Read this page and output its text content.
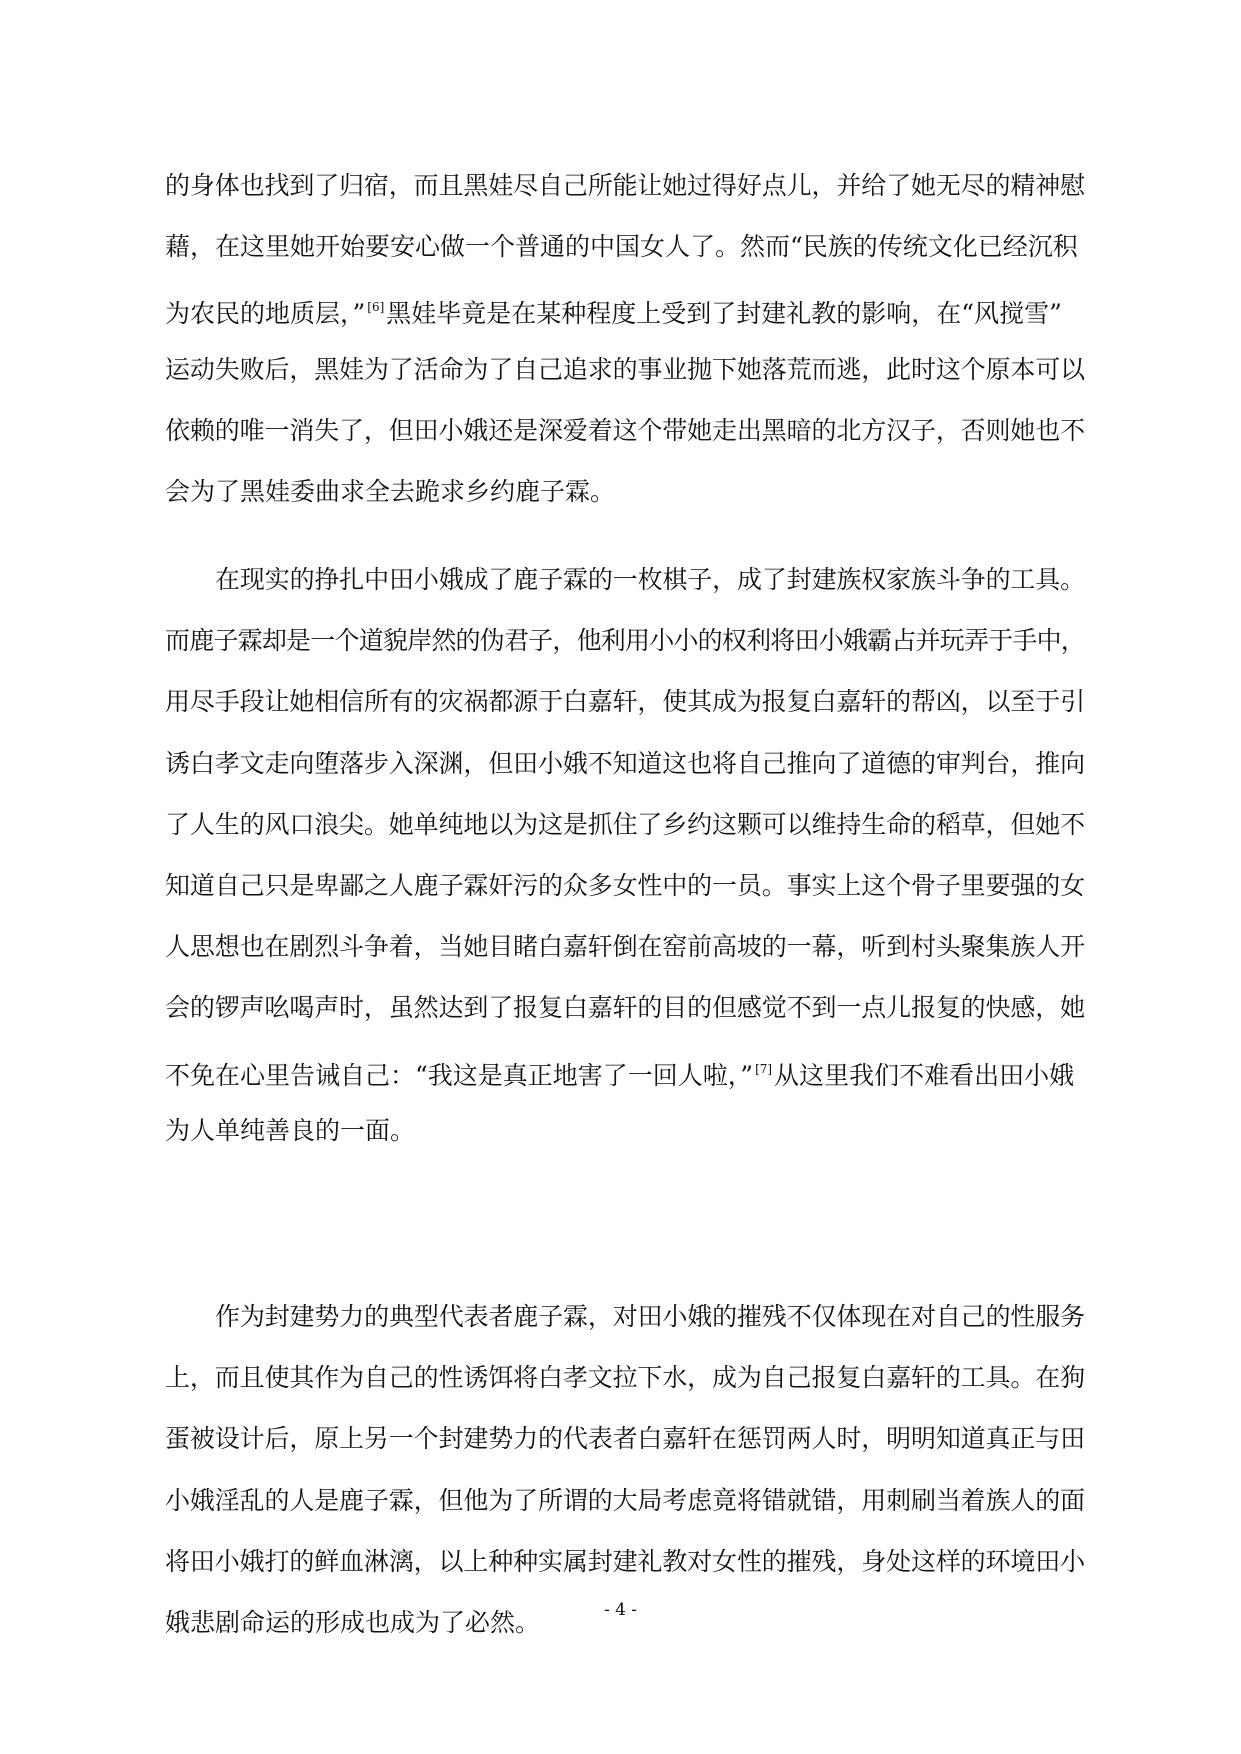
的身体也找到了归宿，而且黑娃尽自己所能让她过得好点儿，并给了她无尽的精神慰
藉，在这里她开始要安心做一个普通的中国女人了。然而“民族的传统文化已经沉积
为农民的地质层，” [6]黑娃毕竟是在某种程度上受到了封建礼教的影响，在“风搅雪”
运动失败后，黑娃为了活命为了自己追求的事业抛下她落荒而逃，此时这个原本可以
依赖的唯一消失了，但田小娥还是深爱着这个带她走出黑暗的北方汉子，否则她也不
会为了黑娃委曲求全去跪求乡约鹿子霖。

在现实的挣扎中田小娥成了鹿子霖的一枚棋子，成了封建族权家族斗争的工具。
而鹿子霖却是一个道貌岸然的伪君子，他利用小小的权利将田小娥霸占并玩弄于手中，
用尽手段让她相信所有的灾祸都源于白嘉轩，使其成为报复白嘉轩的帮凶，以至于引
诱白孝文走向堕落步入深渊，但田小娥不知道这也将自己推向了道德的审判台，推向
了人生的风口浪尖。她单纯地以为这是抓住了乡约这颗可以维持生命的稻草，但她不
知道自己只是卑鄙之人鹿子霖奸污的众多女性中的一员。事实上这个骨子里要强的女
人思想也在剧烈斗争着，当她目睹白嘉轩倒在窑前高坡的一幕，听到村头聚集族人开
会的锣声吆喝声时，虽然达到了报复白嘉轩的目的但感觉不到一点儿报复的快感，她
不免在心里告诫自己：“我这是真正地害了一回人啦，” [7]从这里我们不难看出田小娥
为人单纯善良的一面。

作为封建势力的典型代表者鹿子霖，对田小娥的摧残不仅体现在对自己的性服务
上，而且使其作为自己的性诱饵将白孝文拉下水，成为自己报复白嘉轩的工具。在狗
蛋被设计后，原上另一个封建势力的代表者白嘉轩在惩罚两人时，明明知道真正与田
小娥淫乱的人是鹿子霖，但他为了所谓的大局考虑竟将错就错，用刺刷当着族人的面
将田小娥打的鲜血淋漓，以上种种实属封建礼教对女性的摧残，身处这样的环境田小
娥悲剧命运的形成也成为了必然。	- 4 -
